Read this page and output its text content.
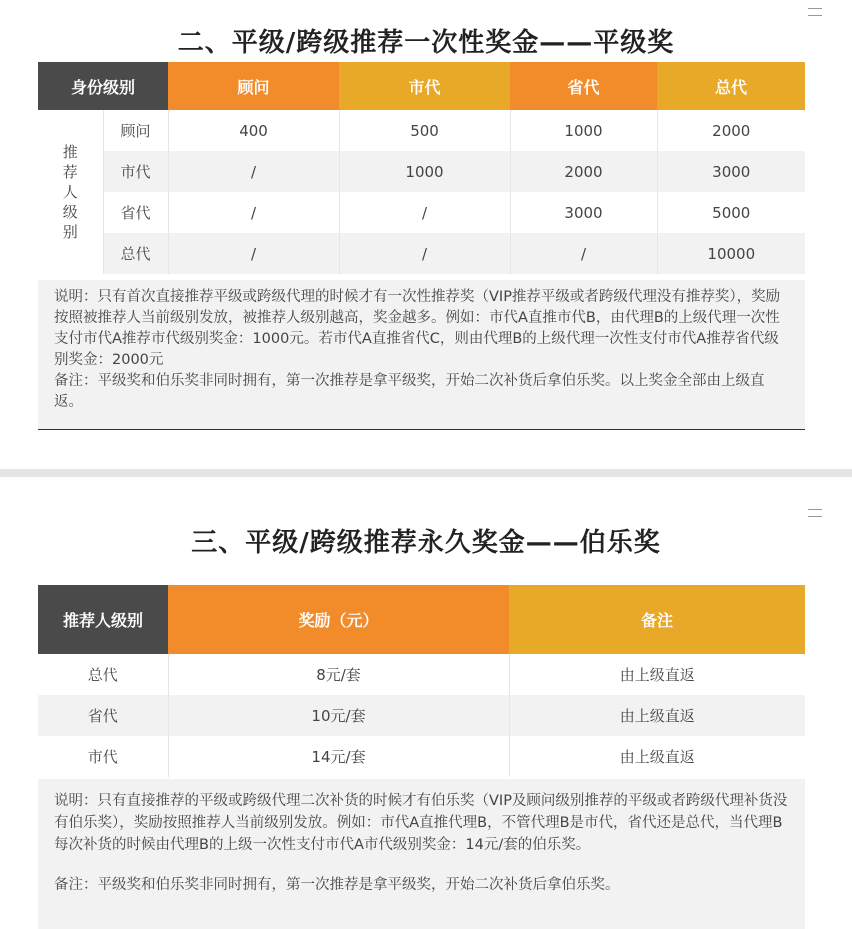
二、平级/跨级推荐一次性奖金——平级奖
身份级别		顾问	市代	省代	总代
推
荐
人
级
别	顾问	400	500	1000	2000
	市代	/	1000	2000	3000
	省代	/	/	3000	5000
	总代	/	/	/	10000

说明：只有首次直接推荐平级或跨级代理的时候才有一次性推荐奖（VIP推荐平级或者跨级代理没有推荐奖），奖励按照被推荐人当前级别发放，被推荐人级别越高，奖金越多。例如：市代A直推市代B，由代理B的上级代理一次性支付市代A推荐市代级别奖金：1000元。若市代A直推省代C，则由代理B的上级代理一次性支付市代A推荐省代级别奖金：2000元

备注：平级奖和伯乐奖非同时拥有，第一次推荐是拿平级奖，开始二次补货后拿伯乐奖。以上奖金全部由上级直返。

三、平级/跨级推荐永久奖金——伯乐奖
推荐人级别	奖励（元）	备注
总代	8元/套	由上级直返
省代	10元/套	由上级直返
市代	14元/套	由上级直返

说明：只有直接推荐的平级或跨级代理二次补货的时候才有伯乐奖（VIP及顾问级别推荐的平级或者跨级代理补货没有伯乐奖），奖励按照推荐人当前级别发放。例如：市代A直推代理B，不管代理B是市代，省代还是总代，当代理B每次补货的时候由代理B的上级一次性支付市代A市代级别奖金：14元/套的伯乐奖。

备注：平级奖和伯乐奖非同时拥有，第一次推荐是拿平级奖，开始二次补货后拿伯乐奖。
